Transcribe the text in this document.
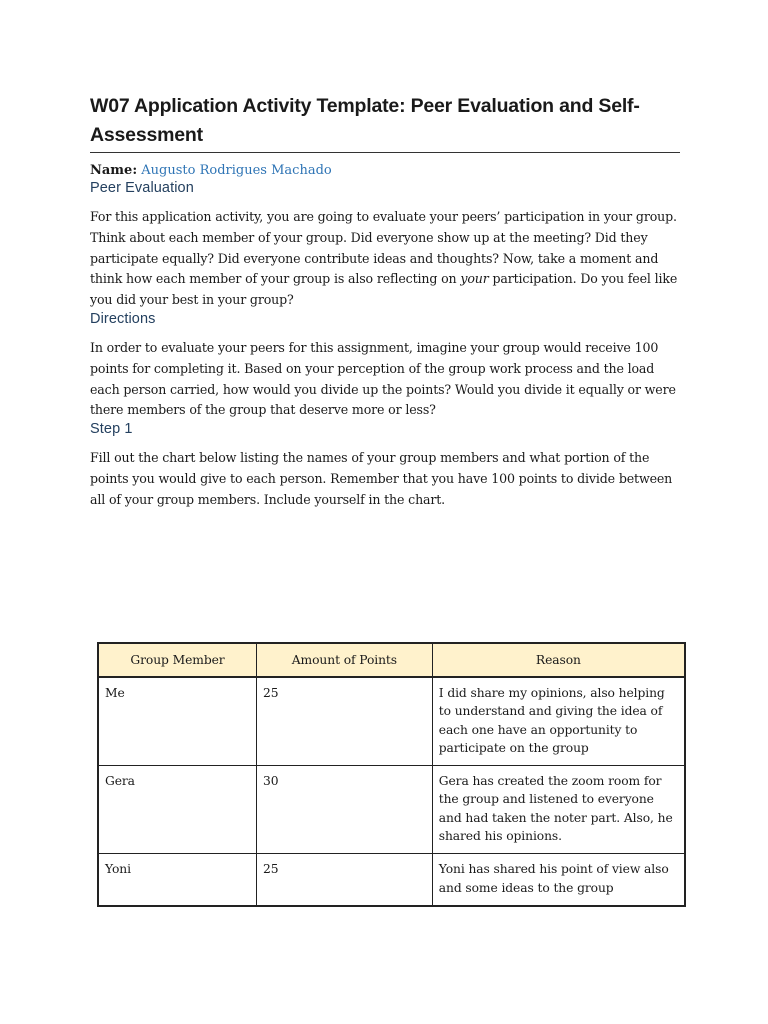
W07 Application Activity Template: Peer Evaluation and Self-Assessment
Name: Augusto Rodrigues Machado
Peer Evaluation

For this application activity, you are going to evaluate your peers’ participation in your group. Think about each member of your group. Did everyone show up at the meeting? Did they participate equally? Did everyone contribute ideas and thoughts? Now, take a moment and think how each member of your group is also reflecting on your participation. Do you feel like you did your best in your group?

Directions

In order to evaluate your peers for this assignment, imagine your group would receive 100 points for completing it. Based on your perception of the group work process and the load each person carried, how would you divide up the points? Would you divide it equally or were there members of the group that deserve more or less?

Step 1

Fill out the chart below listing the names of your group members and what portion of the points you would give to each person. Remember that you have 100 points to divide between all of your group members. Include yourself in the chart.

Group Member	Amount of Points	Reason
Me	25	I did share my opinions, also helping to understand and giving the idea of each one have an opportunity to participate on the group
Gera	30	Gera has created the zoom room for the group and listened to everyone and had taken the noter part. Also, he shared his opinions.
Yoni	25	Yoni has shared his point of view also and some ideas to the group
